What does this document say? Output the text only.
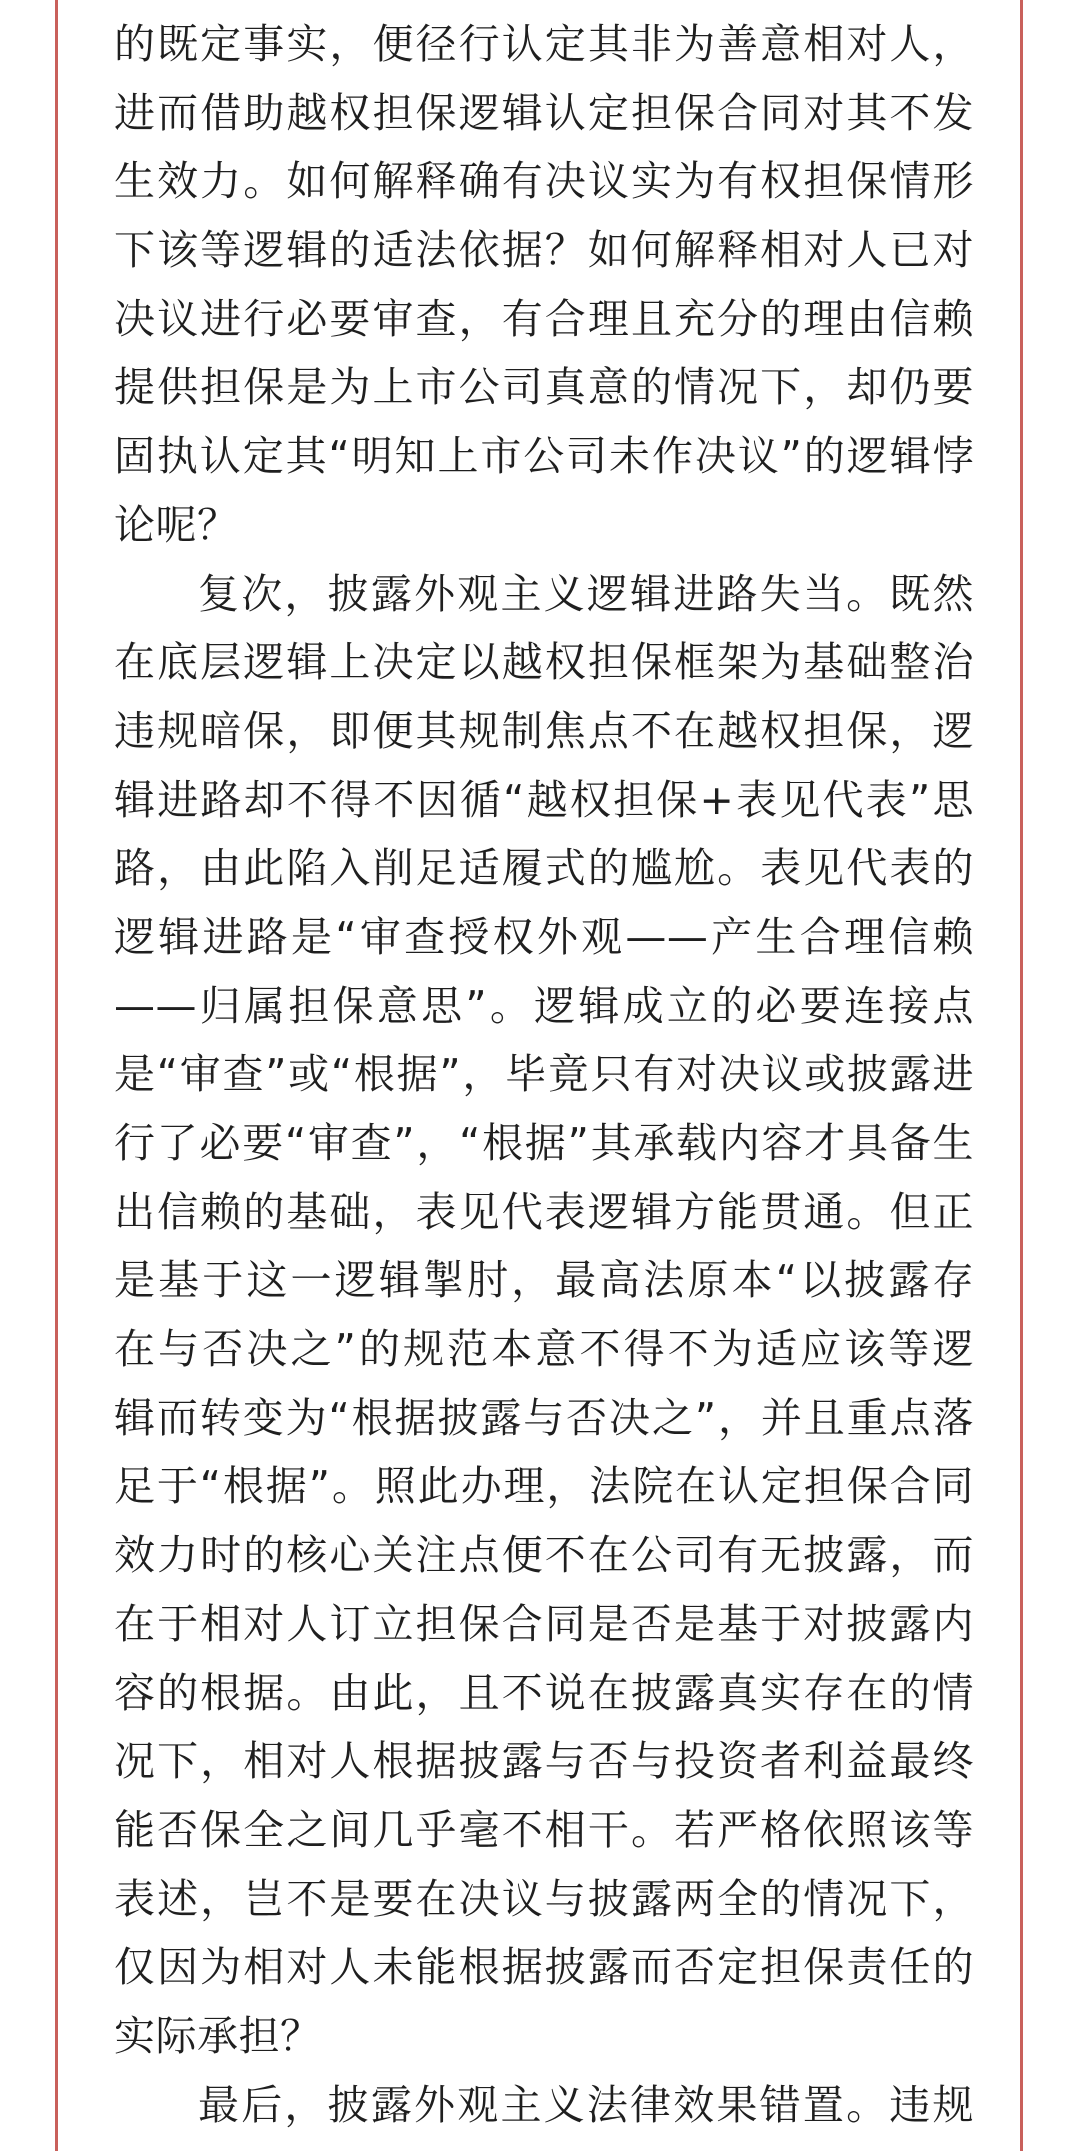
的既定事实，便径行认定其非为善意相对人，
进而借助越权担保逻辑认定担保合同对其不发
生效力。如何解释确有决议实为有权担保情形
下该等逻辑的适法依据？如何解释相对人已对
决议进行必要审查，有合理且充分的理由信赖
提供担保是为上市公司真意的情况下，却仍要
固执认定其“明知上市公司未作决议”的逻辑悖
论呢？
复次，披露外观主义逻辑进路失当。既然
在底层逻辑上决定以越权担保框架为基础整治
违规暗保，即便其规制焦点不在越权担保，逻
辑进路却不得不因循“越权担保+表见代表”思
路，由此陷入削足适履式的尴尬。表见代表的
逻辑进路是“审查授权外观——产生合理信赖
——归属担保意思”。逻辑成立的必要连接点
是“审查”或“根据”，毕竟只有对决议或披露进
行了必要“审查”，“根据”其承载内容才具备生
出信赖的基础，表见代表逻辑方能贯通。但正
是基于这一逻辑掣肘，最高法原本“以披露存
在与否决之”的规范本意不得不为适应该等逻
辑而转变为“根据披露与否决之”，并且重点落
足于“根据”。照此办理，法院在认定担保合同
效力时的核心关注点便不在公司有无披露，而
在于相对人订立担保合同是否是基于对披露内
容的根据。由此，且不说在披露真实存在的情
况下，相对人根据披露与否与投资者利益最终
能否保全之间几乎毫不相干。若严格依照该等
表述，岂不是要在决议与披露两全的情况下，
仅因为相对人未能根据披露而否定担保责任的
实际承担？
最后，披露外观主义法律效果错置。违规
